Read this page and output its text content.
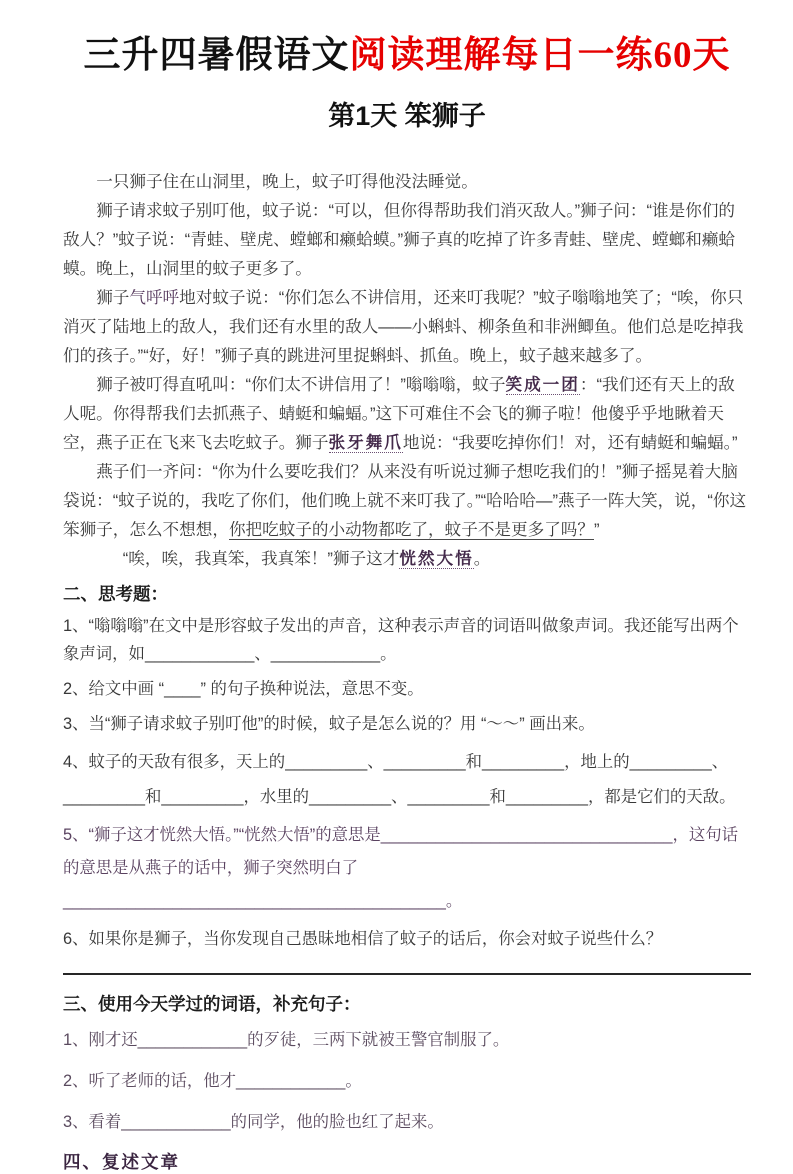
三升四暑假语文阅读理解每日一练60天
第1天 笨狮子

一只狮子住在山洞里，晚上，蚊子叮得他没法睡觉。

狮子请求蚊子别叮他，蚊子说：“可以，但你得帮助我们消灭敌人。”狮子问：“谁是你们的敌人？”蚊子说：“青蛙、壁虎、螳螂和癞蛤蟆。”狮子真的吃掉了许多青蛙、壁虎、螳螂和癞蛤蟆。晚上，山洞里的蚊子更多了。

狮子气呼呼地对蚊子说：“你们怎么不讲信用，还来叮我呢？”蚊子嗡嗡地笑了；“唉，你只消灭了陆地上的敌人，我们还有水里的敌人——小蝌蚪、柳条鱼和非洲鲫鱼。他们总是吃掉我们的孩子。”“好，好！”狮子真的跳进河里捉蝌蚪、抓鱼。晚上，蚊子越来越多了。

狮子被叮得直吼叫：“你们太不讲信用了！”嗡嗡嗡，蚊子笑成一团：“我们还有天上的敌人呢。你得帮我们去抓燕子、蜻蜓和蝙蝠。”这下可难住不会飞的狮子啦！他傻乎乎地瞅着天空，燕子正在飞来飞去吃蚊子。狮子张牙舞爪地说：“我要吃掉你们！对，还有蜻蜓和蝙蝠。”

燕子们一齐问：“你为什么要吃我们？从来没有听说过狮子想吃我们的！”狮子摇晃着大脑袋说：“蚊子说的，我吃了你们，他们晚上就不来叮我了。”“哈哈哈—”燕子一阵大笑，说，“你这笨狮子，怎么不想想，你把吃蚊子的小动物都吃了，蚊子不是更多了吗？”

“唉，唉，我真笨，我真笨！”狮子这才恍然大悟。

二、思考题：
1、“嗡嗡嗡”在文中是形容蚊子发出的声音，这种表示声音的词语叫做象声词。我还能写出两个象声词，如____________、____________。
2、给文中画 “____” 的句子换种说法，意思不变。
3、当“狮子请求蚊子别叮他”的时候，蚊子是怎么说的？用 “～～” 画出来。
4、蚊子的天敌有很多，天上的_________、_________和_________，地上的_________、_________和_________，水里的_________、_________和_________，都是它们的天敌。
5、“狮子这才恍然大悟。”“恍然大悟”的意思是________________________________，这句话的意思是从燕子的话中，狮子突然明白了__________________________________________。
6、如果你是狮子，当你发现自己愚昧地相信了蚊子的话后，你会对蚊子说些什么？
三、使用今天学过的词语，补充句子：
1、刚才还____________的歹徒，三两下就被王警官制服了。
2、听了老师的话，他才____________。
3、看着____________的同学，他的脸也红了起来。
四、复述文章
